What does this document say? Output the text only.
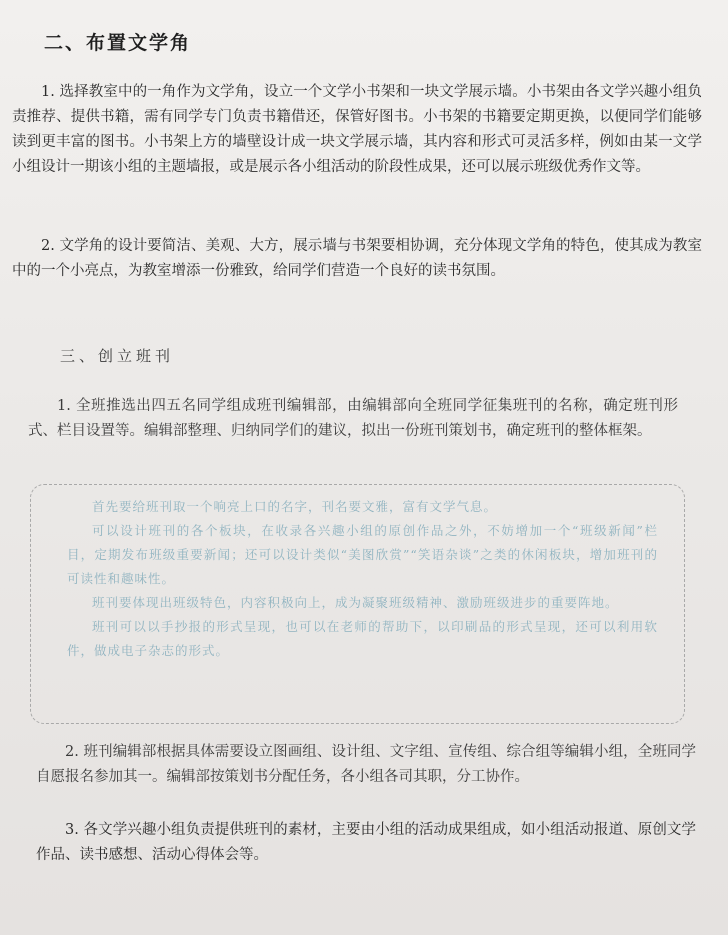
二、布置文学角

1. 选择教室中的一角作为文学角，设立一个文学小书架和一块文学展示墙。小书架由各文学兴趣小组负责推荐、提供书籍，需有同学专门负责书籍借还，保管好图书。小书架的书籍要定期更换，以便同学们能够读到更丰富的图书。小书架上方的墙壁设计成一块文学展示墙，其内容和形式可灵活多样，例如由某一文学小组设计一期该小组的主题墙报，或是展示各小组活动的阶段性成果，还可以展示班级优秀作文等。

2. 文学角的设计要简洁、美观、大方，展示墙与书架要相协调，充分体现文学角的特色，使其成为教室中的一个小亮点，为教室增添一份雅致，给同学们营造一个良好的读书氛围。

三、创立班刊

1. 全班推选出四五名同学组成班刊编辑部，由编辑部向全班同学征集班刊的名称，确定班刊形式、栏目设置等。编辑部整理、归纳同学们的建议，拟出一份班刊策划书，确定班刊的整体框架。

首先要给班刊取一个响亮上口的名字，刊名要文雅，富有文学气息。

可以设计班刊的各个板块，在收录各兴趣小组的原创作品之外，不妨增加一个“班级新闻”栏目，定期发布班级重要新闻；还可以设计类似“美图欣赏”“笑语杂谈”之类的休闲板块，增加班刊的可读性和趣味性。

班刊要体现出班级特色，内容积极向上，成为凝聚班级精神、激励班级进步的重要阵地。

班刊可以以手抄报的形式呈现，也可以在老师的帮助下，以印刷品的形式呈现，还可以利用软件，做成电子杂志的形式。

2. 班刊编辑部根据具体需要设立图画组、设计组、文字组、宣传组、综合组等编辑小组，全班同学自愿报名参加其一。编辑部按策划书分配任务，各小组各司其职，分工协作。

3. 各文学兴趣小组负责提供班刊的素材，主要由小组的活动成果组成，如小组活动报道、原创文学作品、读书感想、活动心得体会等。
